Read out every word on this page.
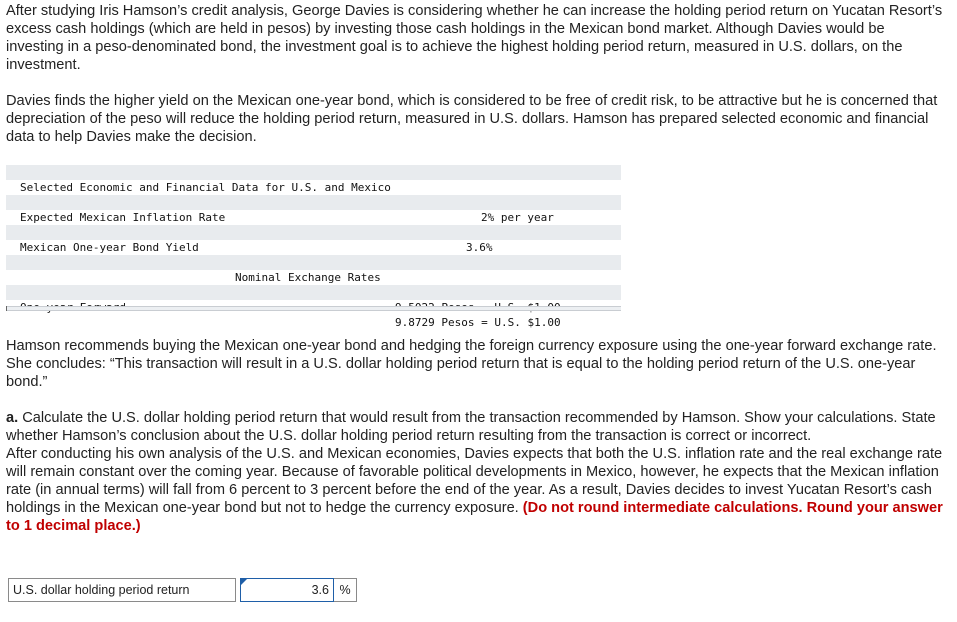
After studying Iris Hamson’s credit analysis, George Davies is considering whether he can increase the holding period return on Yucatan Resort’s excess cash holdings (which are held in pesos) by investing those cash holdings in the Mexican bond market. Although Davies would be investing in a peso-denominated bond, the investment goal is to achieve the highest holding period return, measured in U.S. dollars, on the investment.

Davies finds the higher yield on the Mexican one-year bond, which is considered to be free of credit risk, to be attractive but he is concerned that depreciation of the peso will reduce the holding period return, measured in U.S. dollars. Hamson has prepared selected economic and financial data to help Davies make the decision.

Selected Economic and Financial Data for U.S. and Mexico

2% per year

Expected Mexican Inflation Rate

3.6%

Mexican One-year Bond Yield

Nominal Exchange Rates

9.8729 Pesos = U.S. $1.00

Hamson recommends buying the Mexican one-year bond and hedging the foreign currency exposure using the one-year forward exchange rate. She concludes: “This transaction will result in a U.S. dollar holding period return that is equal to the holding period return of the U.S. one-year bond.”

a. Calculate the U.S. dollar holding period return that would result from the transaction recommended by Hamson. Show your calculations. State whether Hamson’s conclusion about the U.S. dollar holding period return resulting from the transaction is correct or incorrect.
After conducting his own analysis of the U.S. and Mexican economies, Davies expects that both the U.S. inflation rate and the real exchange rate will remain constant over the coming year. Because of favorable political developments in Mexico, however, he expects that the Mexican inflation rate (in annual terms) will fall from 6 percent to 3 percent before the end of the year. As a result, Davies decides to invest Yucatan Resort’s cash holdings in the Mexican one-year bond but not to hedge the currency exposure. (Do not round intermediate calculations. Round your answer to 1 decimal place.)

U.S. dollar holding period return	3.6 %
